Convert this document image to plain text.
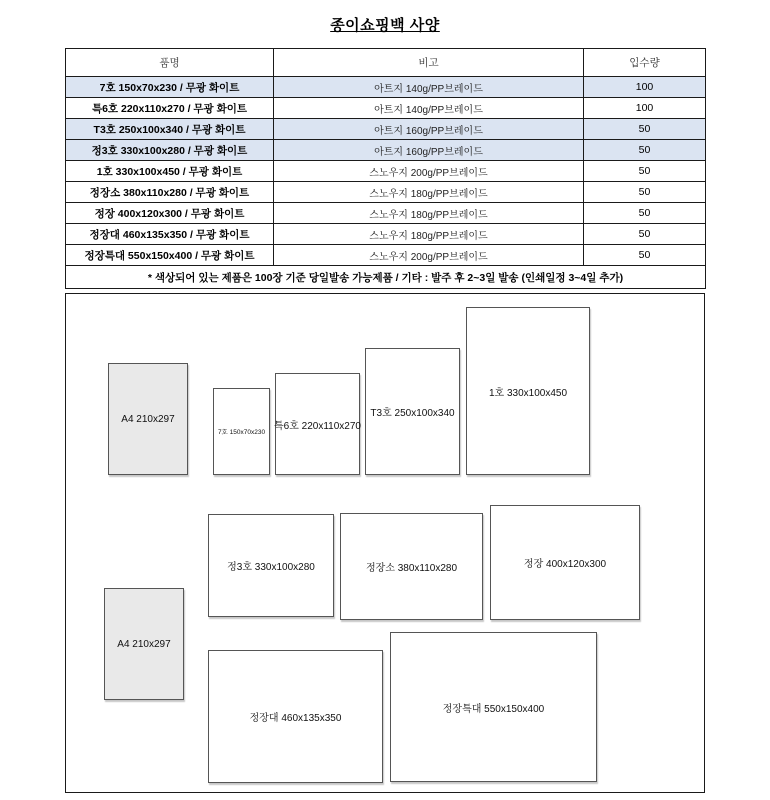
종이쇼핑백 사양
품명	비고	입수량
7호 150x70x230 / 무광 화이트	아트지 140g/PP브레이드	100
특6호 220x110x270 / 무광 화이트	아트지 140g/PP브레이드	100
T3호 250x100x340 / 무광 화이트	아트지 160g/PP브레이드	50
정3호 330x100x280 / 무광 화이트	아트지 160g/PP브레이드	50
1호 330x100x450 / 무광 화이트	스노우지 200g/PP브레이드	50
정장소 380x110x280 / 무광 화이트	스노우지 180g/PP브레이드	50
정장 400x120x300 / 무광 화이트	스노우지 180g/PP브레이드	50
정장대 460x135x350 / 무광 화이트	스노우지 180g/PP브레이드	50
정장특대 550x150x400 / 무광 화이트	스노우지 200g/PP브레이드	50
* 색상되어 있는 제품은 100장 기준 당일발송 가능제품 / 기타 : 발주 후 2~3일 발송 (인쇄일정 3~4일 추가)		
A4 210x297
7호 150x70x230
특6호 220x110x270
T3호 250x100x340
1호 330x100x450
정3호 330x100x280	정장소 380x110x280	정장 400x120x300
A4 210x297
정장대 460x135x350
정장특대 550x150x400
